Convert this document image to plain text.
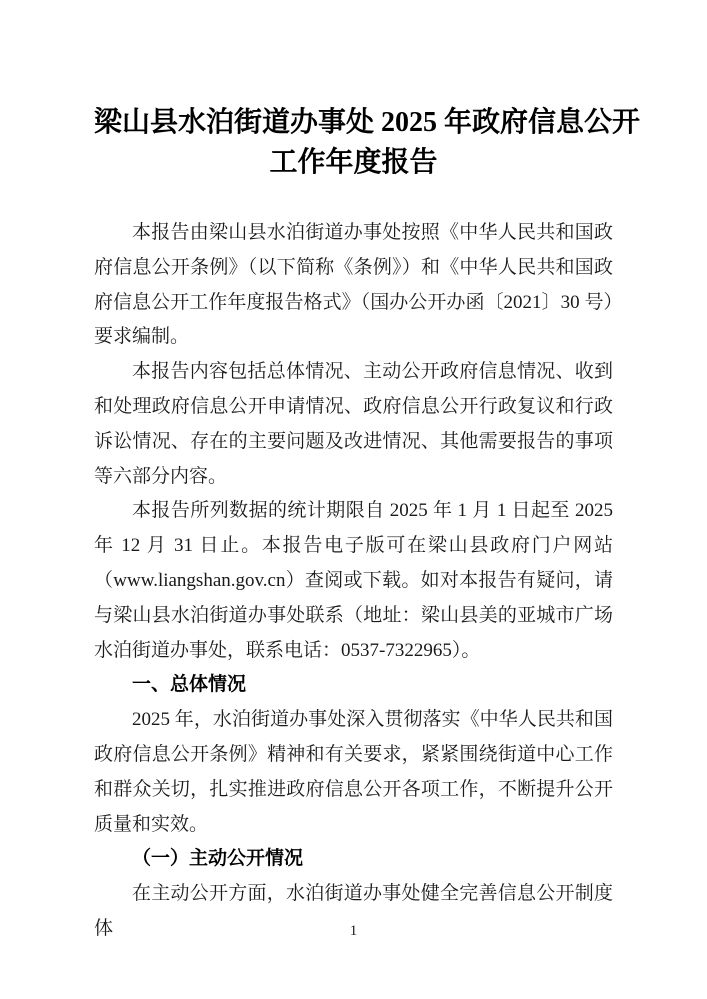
梁山县水泊街道办事处 2025 年政府信息公开
工作年度报告

本报告由梁山县水泊街道办事处按照《中华人民共和国政府信息公开条例》（以下简称《条例》）和《中华人民共和国政府信息公开工作年度报告格式》（国办公开办函〔2021〕30 号）要求编制。

本报告内容包括总体情况、主动公开政府信息情况、收到和处理政府信息公开申请情况、政府信息公开行政复议和行政诉讼情况、存在的主要问题及改进情况、其他需要报告的事项等六部分内容。

本报告所列数据的统计期限自 2025 年 1 月 1 日起至 2025 年 12 月 31 日止。本报告电子版可在梁山县政府门户网站（www.liangshan.gov.cn）查阅或下载。如对本报告有疑问，请与梁山县水泊街道办事处联系（地址：梁山县美的亚城市广场水泊街道办事处，联系电话：0537-7322965）。

一、总体情况

2025 年，水泊街道办事处深入贯彻落实《中华人民共和国政府信息公开条例》精神和有关要求，紧紧围绕街道中心工作和群众关切，扎实推进政府信息公开各项工作，不断提升公开质量和实效。

（一）主动公开情况

在主动公开方面，水泊街道办事处健全完善信息公开制度体	1
